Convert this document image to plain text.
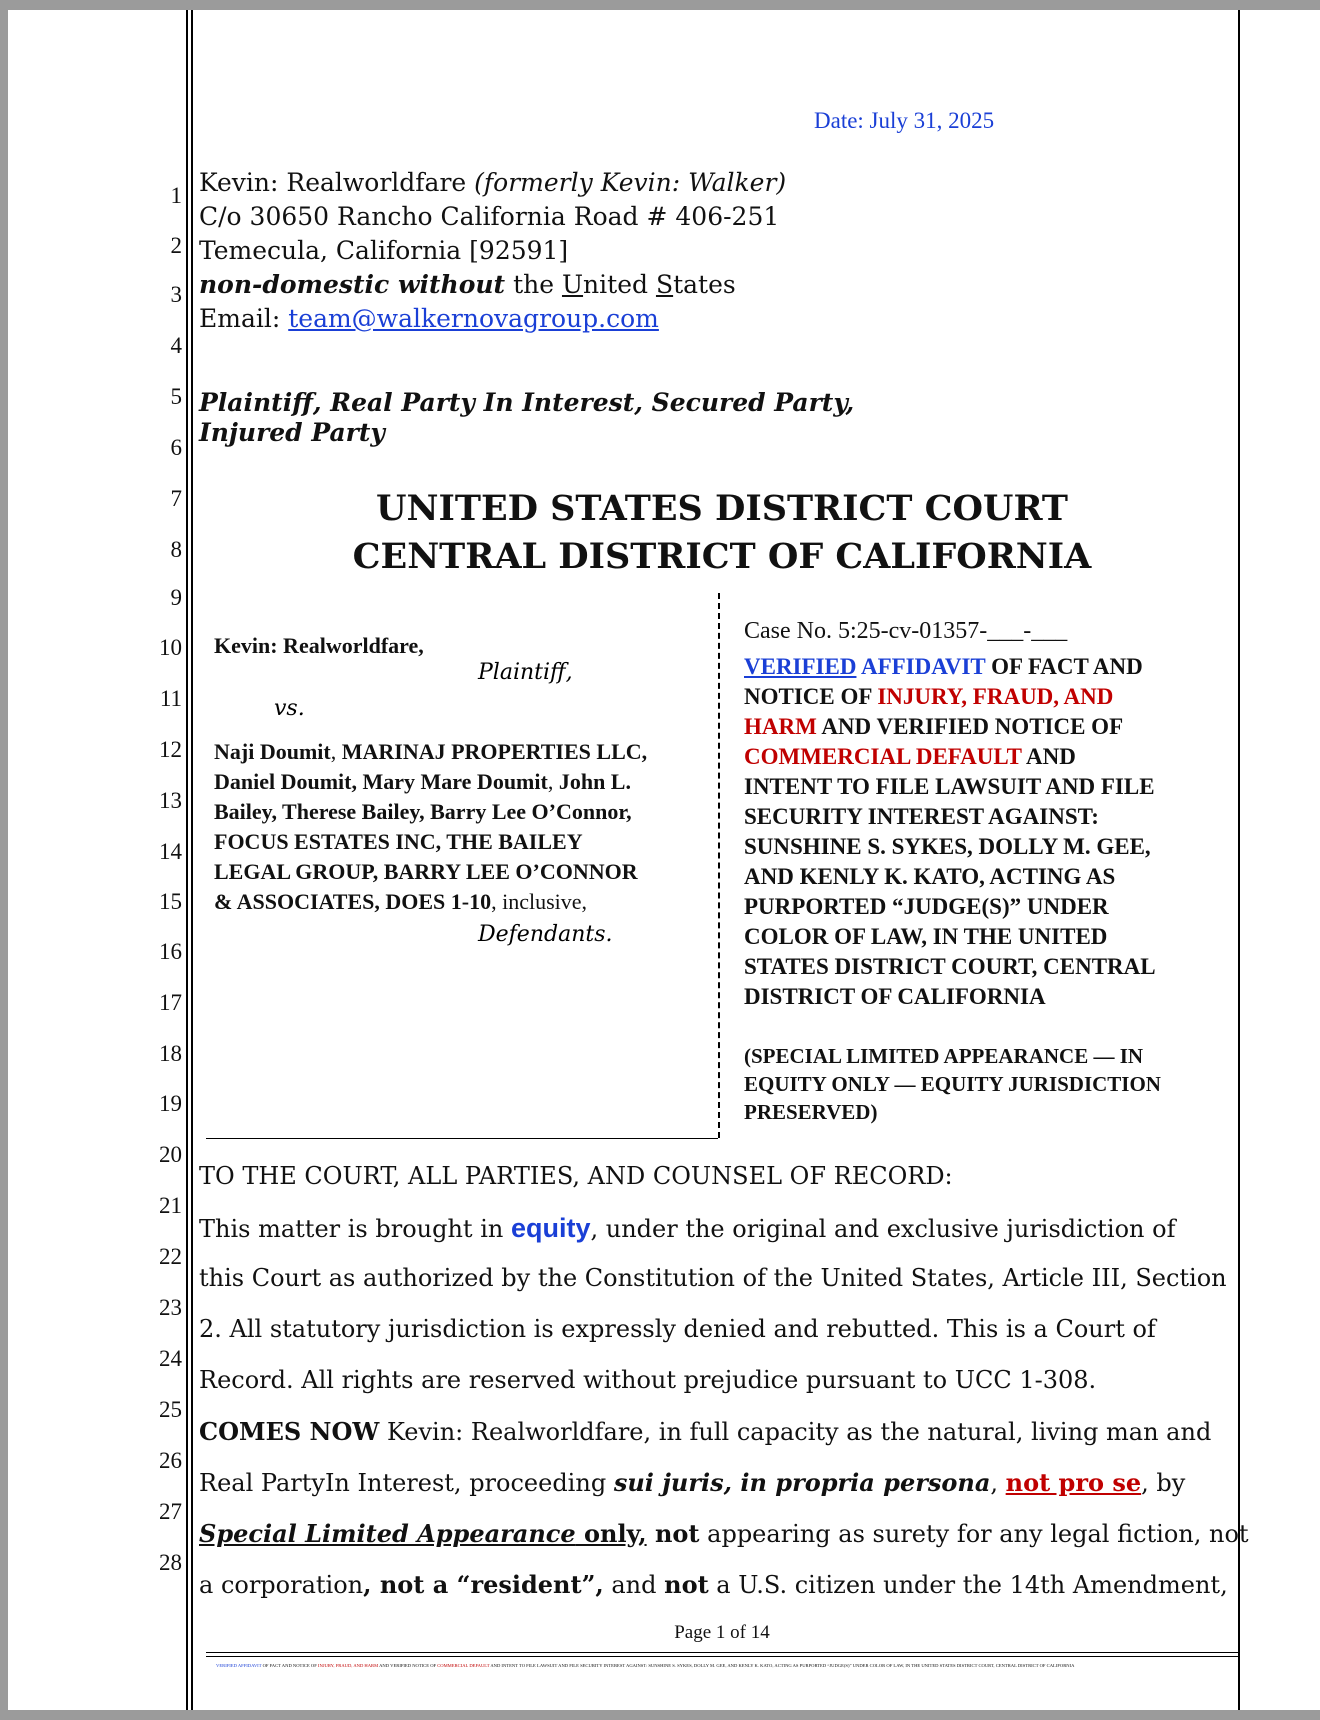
Date: July 31, 2025
1
2
3
4
5
6
7
8
9
10
11
12
13
14
15
16
17
18
19
20
21
22
23
24
25
26
27
28
Kevin: Realworldfare (formerly Kevin: Walker)
C/o 30650 Rancho California Road # 406-251
Temecula, California [92591]
non-domestic without the United States
Email: team@walkernovagroup.com
Plaintiff, Real Party In Interest, Secured Party,
Injured Party
UNITED STATES DISTRICT COURT
CENTRAL DISTRICT OF CALIFORNIA
Kevin: Realworldfare,
Plaintiff,
vs.
Naji Doumit, MARINAJ PROPERTIES LLC,
Daniel Doumit, Mary Mare Doumit, John L.
Bailey, Therese Bailey, Barry Lee O’Connor,
FOCUS ESTATES INC, THE BAILEY
LEGAL GROUP, BARRY LEE O’CONNOR
& ASSOCIATES, DOES 1-10, inclusive,
Defendants.
Case No. 5:25-cv-01357-___-___
VERIFIED AFFIDAVIT OF FACT AND
NOTICE OF INJURY, FRAUD, AND
HARM AND VERIFIED NOTICE OF
COMMERCIAL DEFAULT AND
INTENT TO FILE LAWSUIT AND FILE
SECURITY INTEREST AGAINST:
SUNSHINE S. SYKES, DOLLY M. GEE,
AND KENLY K. KATO, ACTING AS
PURPORTED “JUDGE(S)” UNDER
COLOR OF LAW, IN THE UNITED
STATES DISTRICT COURT, CENTRAL
DISTRICT OF CALIFORNIA
(SPECIAL LIMITED APPEARANCE — IN
EQUITY ONLY — EQUITY JURISDICTION
PRESERVED)
TO THE COURT, ALL PARTIES, AND COUNSEL OF RECORD:
This matter is brought in equity, under the original and exclusive jurisdiction of
this Court as authorized by the Constitution of the United States, Article III, Section
2. All statutory jurisdiction is expressly denied and rebutted. This is a Court of
Record. All rights are reserved without prejudice pursuant to UCC 1-308.
COMES NOW Kevin: Realworldfare, in full capacity as the natural, living man and
Real PartyIn Interest, proceeding sui juris, in propria persona, not pro se, by
Special Limited Appearance only, not appearing as surety for any legal fiction, not
a corporation, not a “resident”, and not a U.S. citizen under the 14th Amendment,
Page 1 of 14
VERIFIED AFFIDAVIT OF FACT AND NOTICE OF INJURY, FRAUD, AND HARM AND VERIFIED NOTICE OF COMMERCIAL DEFAULT AND INTENT TO FILE LAWSUIT AND FILE SECURITY INTEREST AGAINST: SUNSHINE S. SYKES, DOLLY M. GEE, AND KENLY K. KATO, ACTING AS PURPORTED “JUDGE(S)” UNDER COLOR OF LAW, IN THE UNITED STATES DISTRICT COURT, CENTRAL DISTRICT OF CALIFORNIA
